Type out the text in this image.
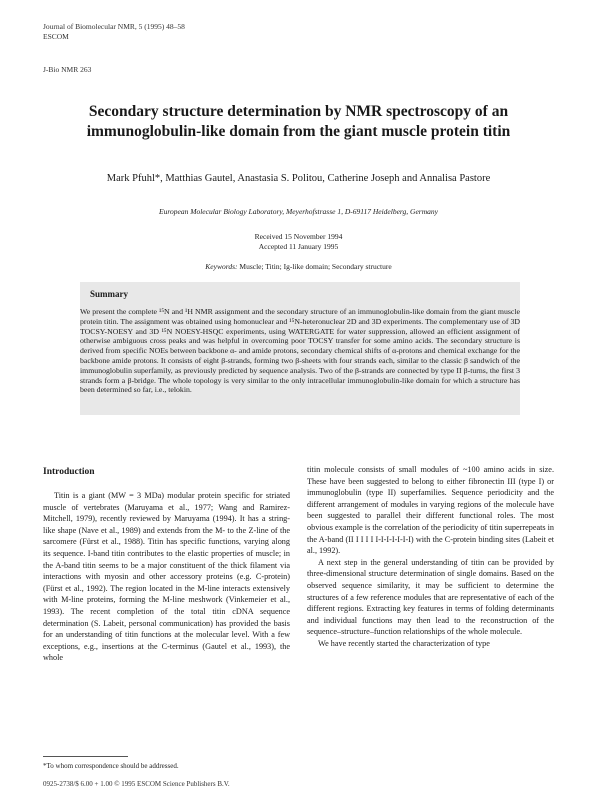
Journal of Biomolecular NMR, 5 (1995) 48–58
ESCOM
J-Bio NMR 263
Secondary structure determination by NMR spectroscopy of an immunoglobulin-like domain from the giant muscle protein titin
Mark Pfuhl*, Matthias Gautel, Anastasia S. Politou, Catherine Joseph and Annalisa Pastore
European Molecular Biology Laboratory, Meyerhofstrasse 1, D-69117 Heidelberg, Germany
Received 15 November 1994
Accepted 11 January 1995
Keywords: Muscle; Titin; Ig-like domain; Secondary structure
Summary
We present the complete ¹⁵N and ¹H NMR assignment and the secondary structure of an immunoglobulin-like domain from the giant muscle protein titin. The assignment was obtained using homonuclear and ¹⁵N-heteronuclear 2D and 3D experiments. The complementary use of 3D TOCSY-NOESY and 3D ¹⁵N NOESY-HSQC experiments, using WATERGATE for water suppression, allowed an efficient assignment of otherwise ambiguous cross peaks and was helpful in overcoming poor TOCSY transfer for some amino acids. The secondary structure is derived from specific NOEs between backbone α- and amide protons, secondary chemical shifts of α-protons and chemical exchange for the backbone amide protons. It consists of eight β-strands, forming two β-sheets with four strands each, similar to the classic β sandwich of the immunoglobulin superfamily, as previously predicted by sequence analysis. Two of the β-strands are connected by type II β-turns, the first 3 strands form a β-bridge. The whole topology is very similar to the only intracellular immunoglobulin-like domain for which a structure has been determined so far, i.e., telokin.
Introduction

Titin is a giant (MW = 3 MDa) modular protein specific for striated muscle of vertebrates (Maruyama et al., 1977; Wang and Ramirez-Mitchell, 1979), recently reviewed by Maruyama (1994). It has a string-like shape (Nave et al., 1989) and extends from the M- to the Z-line of the sarcomere (Fürst et al., 1988). Titin has specific functions, varying along its sequence. I-band titin contributes to the elastic properties of muscle; in the A-band titin seems to be a major constituent of the thick filament via interactions with myosin and other accessory proteins (e.g. C-protein) (Fürst et al., 1992). The region located in the M-line interacts extensively with M-line proteins, forming the M-line meshwork (Vinkemeier et al., 1993). The recent completion of the total titin cDNA sequence determination (S. Labeit, personal communication) has provided the basis for an understanding of titin functions at the molecular level. With a few exceptions, e.g., insertions at the C-terminus (Gautel et al., 1993), the whole

titin molecule consists of small modules of ~100 amino acids in size. These have been suggested to belong to either fibronectin III (type I) or immunoglobulin (type II) superfamilies. Sequence periodicity and the different arrangement of modules in varying regions of the molecule have been suggested to parallel their different functional roles. The most obvious example is the correlation of the periodicity of titin superrepeats in the A-band (II I I I I I-I-I-I-I-I-I) with the C-protein binding sites (Labeit et al., 1992).

A next step in the general understanding of titin can be provided by three-dimensional structure determination of single domains. Based on the observed sequence similarity, it may be sufficient to determine the structures of a few reference modules that are representative of each of the different regions. Extracting key features in terms of folding determinants and individual functions may then lead to the reconstruction of the sequence–structure–function relationships of the whole molecule.

We have recently started the characterization of type

*To whom correspondence should be addressed.
0925-2738/$ 6.00 + 1.00 © 1995 ESCOM Science Publishers B.V.
